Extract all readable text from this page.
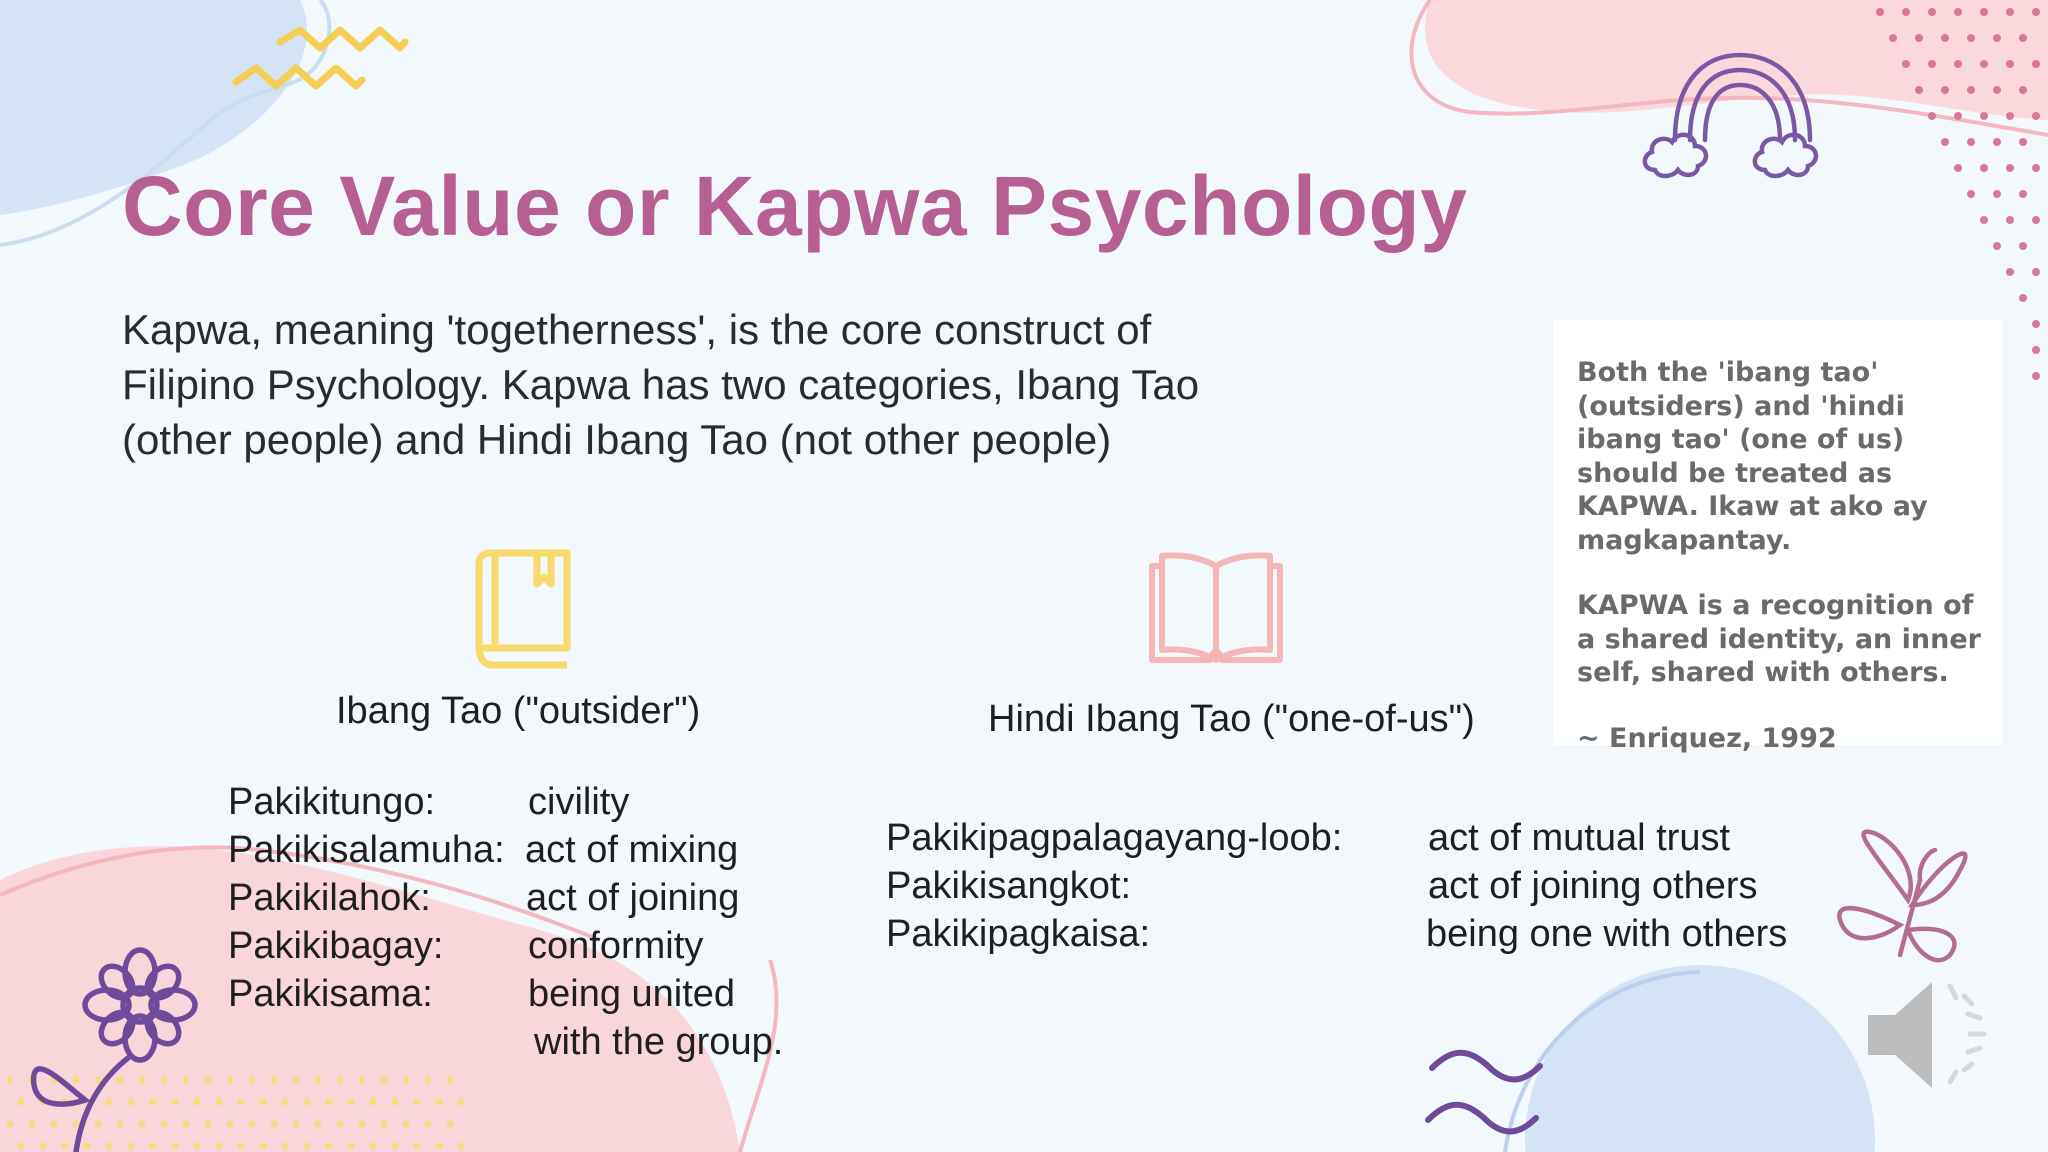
Core Value or Kapwa Psychology
Kapwa, meaning 'togetherness', is the core construct of Filipino Psychology. Kapwa has two categories, Ibang Tao (other people) and Hindi Ibang Tao (not other people)
Ibang Tao ("outsider")
Pakikitungo:	civility
Pakikisalamuha: act of mixing
Pakikilahok:	act of joining
Pakikibagay:	conformity
Pakikisama:	being united
with the group.
Hindi Ibang Tao ("one-of-us")
Pakikipagpalagayang-loob:	act of mutual trust
Pakikisangkot:	act of joining others
Pakikipagkaisa:	being one with others

Both the 'ibang tao' (outsiders) and 'hindi ibang tao' (one of us) should be treated as KAPWA. Ikaw at ako ay magkapantay.

KAPWA is a recognition of a shared identity, an inner self, shared with others.

~ Enriquez, 1992
